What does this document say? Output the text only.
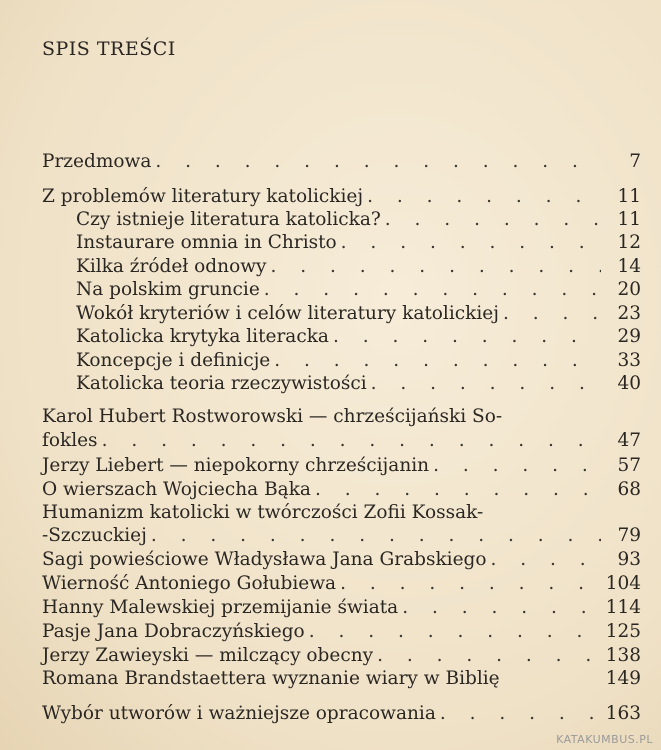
SPIS TREŚCI
Przedmowa . . .	7
Z problemów literatury katolickiej . . .	11
Czy istnieje literatura katolicka? . . .	11
Instaurare omnia in Christo . . .	12
Kilka źródeł odnowy . . .	14
Na polskim gruncie . . .	20
Wokół kryteriów i celów literatury katolickiej . . .	23
Katolicka krytyka literacka . . .	29
Koncepcje i definicje . . .	33
Katolicka teoria rzeczywistości . . .	40
Karol Hubert Rostworowski — chrześcijański So-
fokles . . .	47
Jerzy Liebert — niepokorny chrześcijanin . . .	57
O wierszach Wojciecha Bąka . . .	68
Humanizm katolicki w twórczości Zofii Kossak-
-Szczuckiej . . .	79
Sagi powieściowe Władysława Jana Grabskiego . . .	93
Wierność Antoniego Gołubiewa . . .	104
Hanny Malewskiej przemijanie świata . . .	114
Pasje Jana Dobraczyńskiego . . .	125
Jerzy Zawieyski — milczący obecny . . .	138
Romana Brandstaettera wyznanie wiary w Biblię	149
Wybór utworów i ważniejsze opracowania . . .	163
KATAKUMBUS.PL
